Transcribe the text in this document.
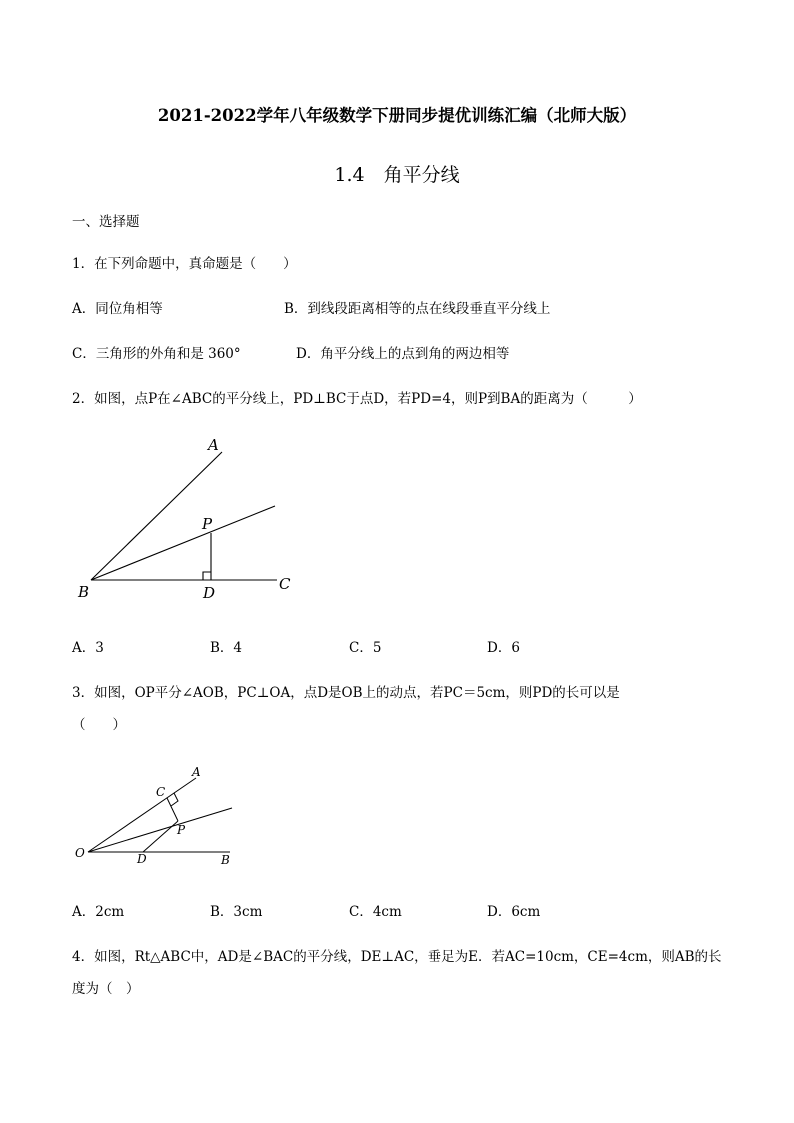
2021-2022学年八年级数学下册同步提优训练汇编（北师大版）
1.4　角平分线
一、选择题
1．在下列命题中，真命题是（　　）
A．同位角相等	B．到线段距离相等的点在线段垂直平分线上
C．三角形的外角和是 360°	D．角平分线上的点到角的两边相等
2．如图，点P在∠ABC的平分线上，PD⊥BC于点D，若PD=4，则P到BA的距离为（　　　）
A
P
B	D	C
A．3	B．4	C．5	D．6
3．如图，OP平分∠AOB，PC⊥OA，点D是OB上的动点，若PC＝5cm，则PD的长可以是
（　　）
A
C
P
O	D	B
A．2cm	B．3cm	C．4cm	D．6cm
4．如图，Rt△ABC中，AD是∠BAC的平分线，DE⊥AC，垂足为E．若AC=10cm，CE=4cm，则AB的长
度为（　）
